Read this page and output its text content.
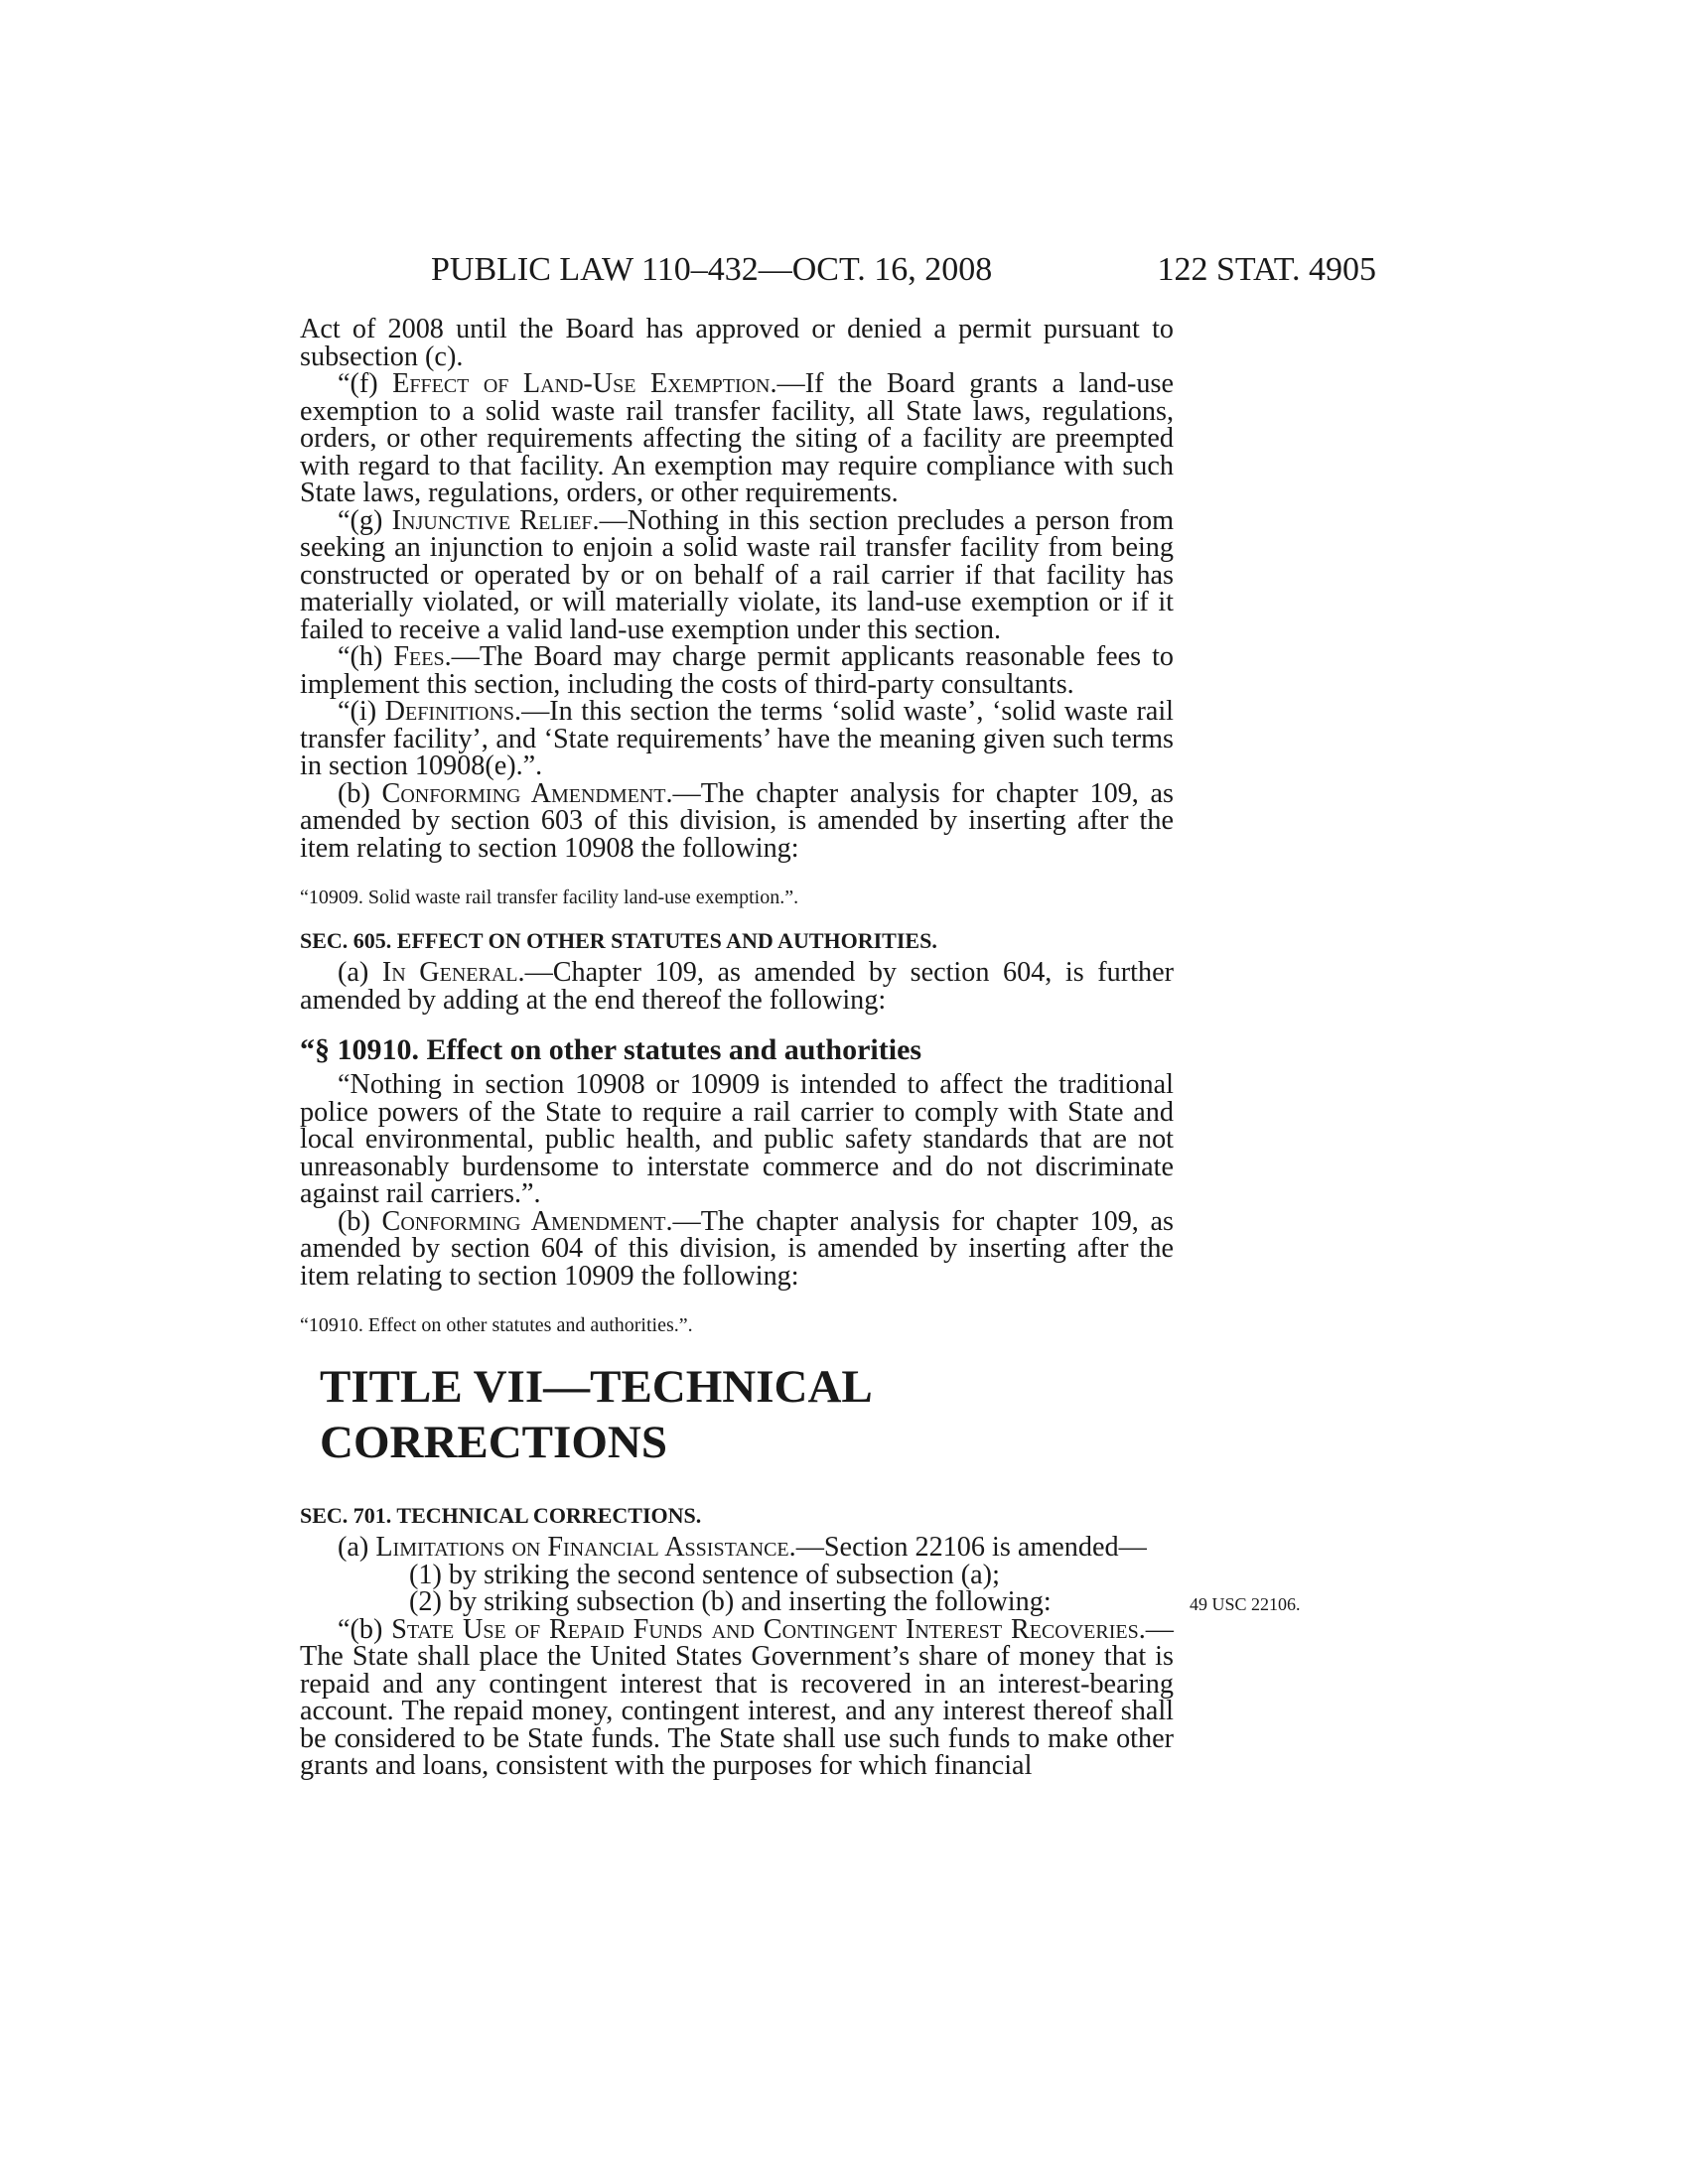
PUBLIC LAW 110–432—OCT. 16, 2008	122 STAT. 4905

Act of 2008 until the Board has approved or denied a permit pursuant to subsection (c).

“(f) Effect of Land-Use Exemption.—If the Board grants a land-use exemption to a solid waste rail transfer facility, all State laws, regulations, orders, or other requirements affecting the siting of a facility are preempted with regard to that facility. An exemption may require compliance with such State laws, regulations, orders, or other requirements.

“(g) Injunctive Relief.—Nothing in this section precludes a person from seeking an injunction to enjoin a solid waste rail transfer facility from being constructed or operated by or on behalf of a rail carrier if that facility has materially violated, or will materially violate, its land-use exemption or if it failed to receive a valid land-use exemption under this section.

“(h) Fees.—The Board may charge permit applicants reasonable fees to implement this section, including the costs of third-party consultants.

“(i) Definitions.—In this section the terms ‘solid waste’, ‘solid waste rail transfer facility’, and ‘State requirements’ have the meaning given such terms in section 10908(e).”.

(b) Conforming Amendment.—The chapter analysis for chapter 109, as amended by section 603 of this division, is amended by inserting after the item relating to section 10908 the following:

“10909. Solid waste rail transfer facility land-use exemption.”.

SEC. 605. EFFECT ON OTHER STATUTES AND AUTHORITIES.

(a) In General.—Chapter 109, as amended by section 604, is further amended by adding at the end thereof the following:

“§ 10910. Effect on other statutes and authorities

“Nothing in section 10908 or 10909 is intended to affect the traditional police powers of the State to require a rail carrier to comply with State and local environmental, public health, and public safety standards that are not unreasonably burdensome to interstate commerce and do not discriminate against rail carriers.”.

(b) Conforming Amendment.—The chapter analysis for chapter 109, as amended by section 604 of this division, is amended by inserting after the item relating to section 10909 the following:

“10910. Effect on other statutes and authorities.”.

TITLE VII—TECHNICAL CORRECTIONS

SEC. 701. TECHNICAL CORRECTIONS.

(a) Limitations on Financial Assistance.—Section 22106 is amended—

(1) by striking the second sentence of subsection (a);

(2) by striking subsection (b) and inserting the following:

“(b) State Use of Repaid Funds and Contingent Interest Recoveries.—The State shall place the United States Government’s share of money that is repaid and any contingent interest that is recovered in an interest-bearing account. The repaid money, contingent interest, and any interest thereof shall be considered to be State funds. The State shall use such funds to make other grants and loans, consistent with the purposes for which financial

49 USC 22106.
